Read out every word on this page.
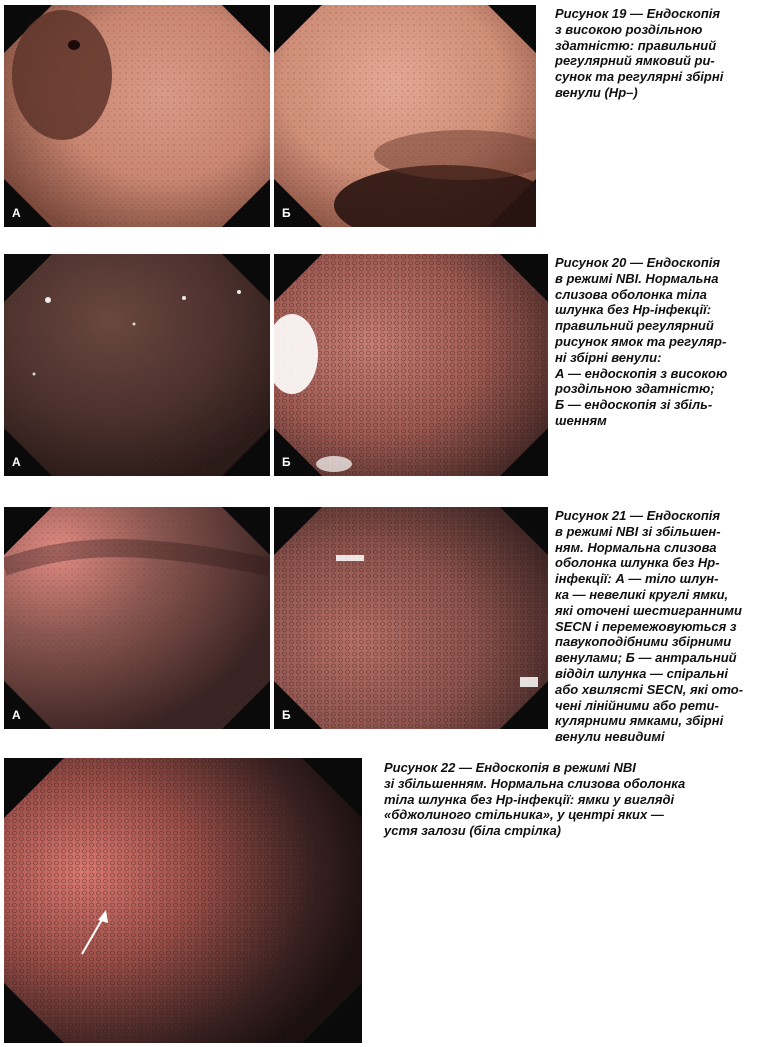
А	Б

Рисунок 19 — Ендоскопія
з високою роздільною
здатністю: правильний
регулярний ямковий ри-
сунок та регулярні збірні
венули (Hp–)

А	Б

Рисунок 20 — Ендоскопія
в режимі NBI. Нормальна
слизова оболонка тіла
шлунка без Hp-інфекції:
правильний регулярний
рисунок ямок та регуляр-
ні збірні венули:
А — ендоскопія з високою
роздільною здатністю;
Б — ендоскопія зі збіль-
шенням

А	Б

Рисунок 21 — Ендоскопія
в режимі NBI зі збільшен-
ням. Нормальна слизова
оболонка шлунка без Hp-
інфекції: А — тіло шлун-
ка — невеликі круглі ямки,
які оточені шестигранними
SECN і перемежовуються з
павукоподібними збірними
венулами; Б — антральний
відділ шлунка — спіральні
або хвилясті SECN, які ото-
чені лінійними або рети-
кулярними ямками, збірні
венули невидимі

Рисунок 22 — Ендоскопія в режимі NBI
зі збільшенням. Нормальна слизова оболонка
тіла шлунка без Hp-інфекції: ямки у вигляді
«бджолиного стільника», у центрі яких —
устя залози (біла стрілка)
